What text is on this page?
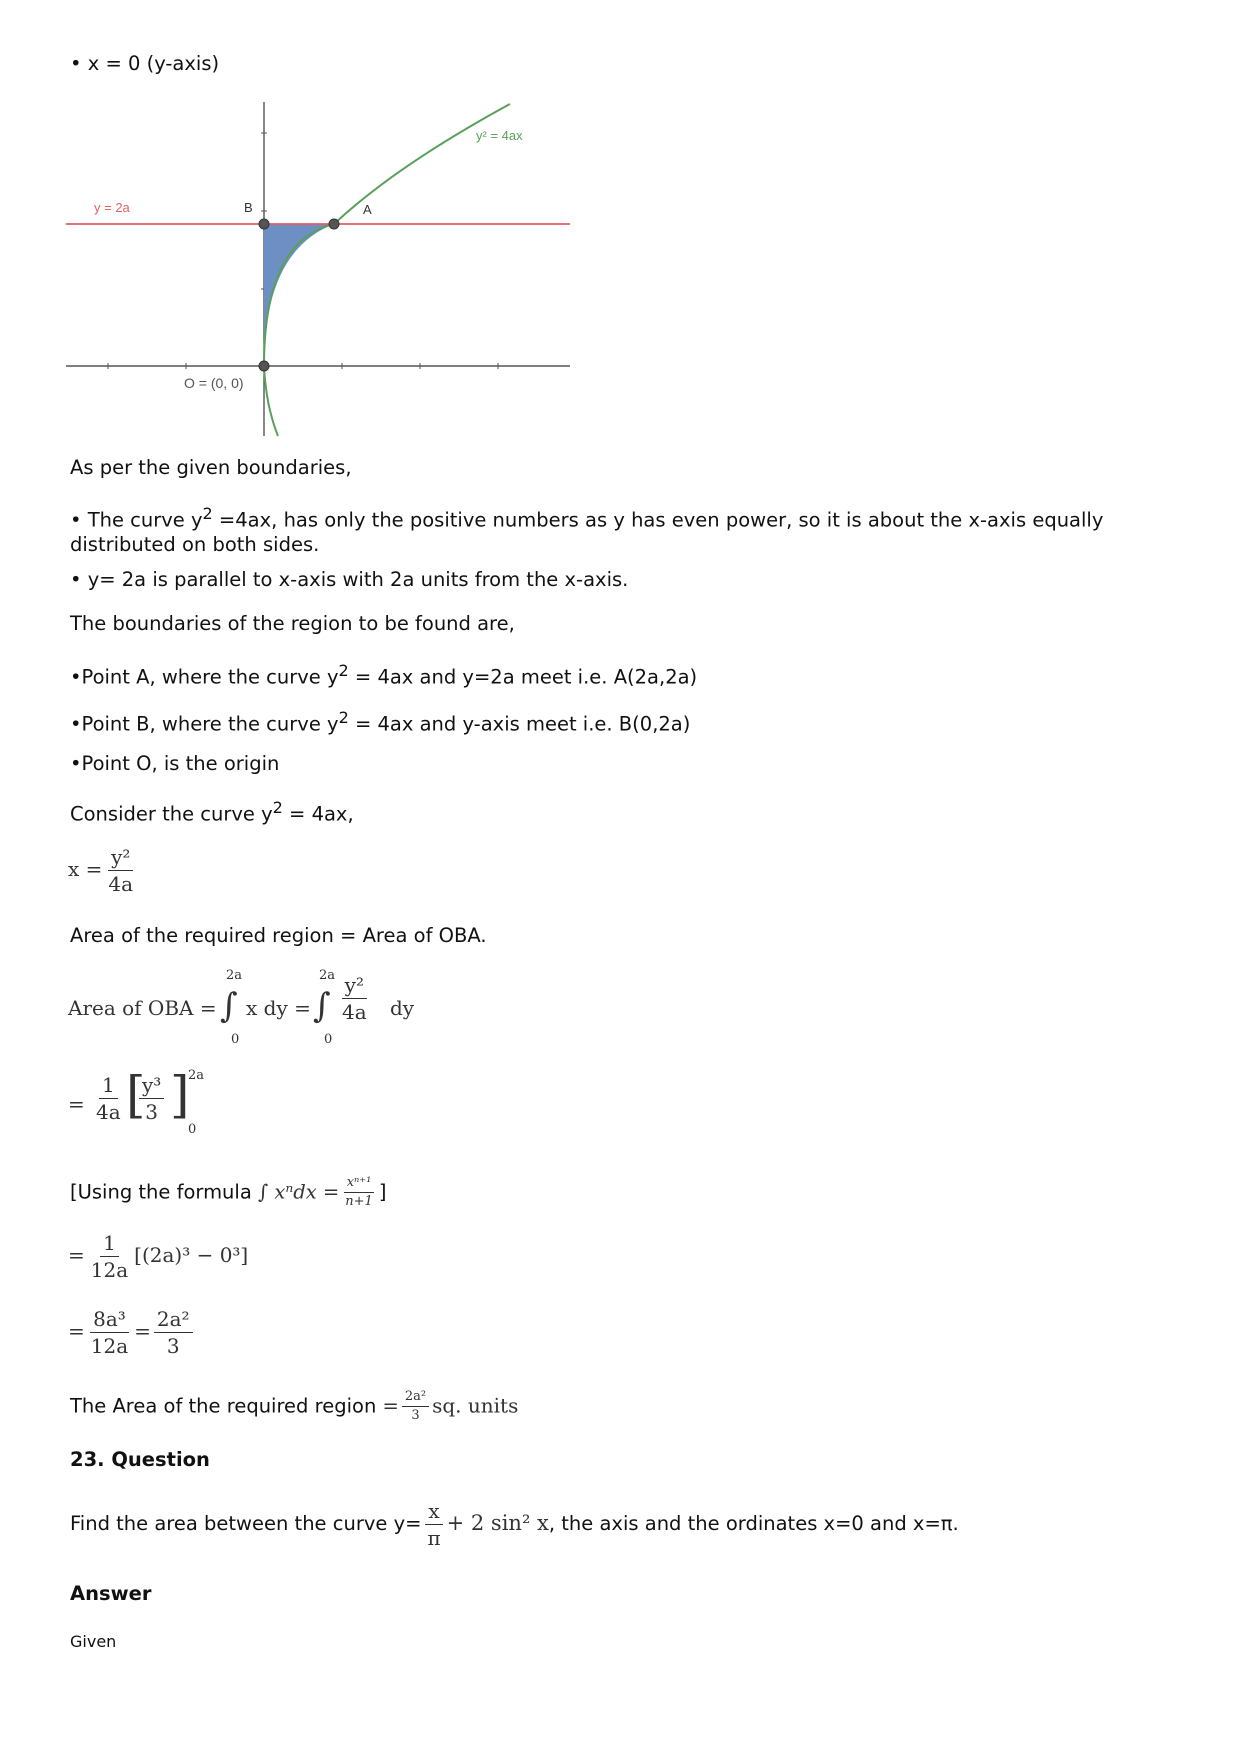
• x = 0 (y-axis)
y² = 4ax
y = 2a	B	A
O = (0, 0)
As per the given boundaries,
• The curve $y^2 =4ax$, has only the positive numbers as y has even power, so it is about the x-axis equally distributed on both sides.
• y= 2a is parallel to x-axis with 2a units from the x-axis.
The boundaries of the region to be found are,
•Point A, where the curve $y^2 = 4ax$ and y=2a meet i.e. A(2a,2a)
•Point B, where the curve $y^2 = 4ax$ and y-axis meet i.e. B(0,2a)
•Point O, is the origin
Consider the curve $y^2 = 4ax$,
$x = \frac{\text{y²}}{4a}$
Area of the required region = Area of OBA.
Area of OBA =
2a
∫
0
x dy =
2a
∫
0
$\frac{\text{y²}}{4a}$ dy
= $\frac{1}{4a}$ [
$\frac{\text{y³}}{3}$ ]
2a
0
[Using the formula ∫ $x^ndx = \frac{\text{xⁿ⁺¹}}{n+1}$ ]
= $\frac{1}{12a} [(2a)^3 - 0^3]$
= $\frac{\text{8a³}}{12a} = \frac{\text{2a²}}{3}$
The Area of the required region = $\frac{\text{2a²}}{3}$ sq. units
23. Question
Find the area between the curve $y= \frac{x}{\pi} + 2$ sin² x, the axis and the ordinates x=0 and x=π.
Answer
Given
